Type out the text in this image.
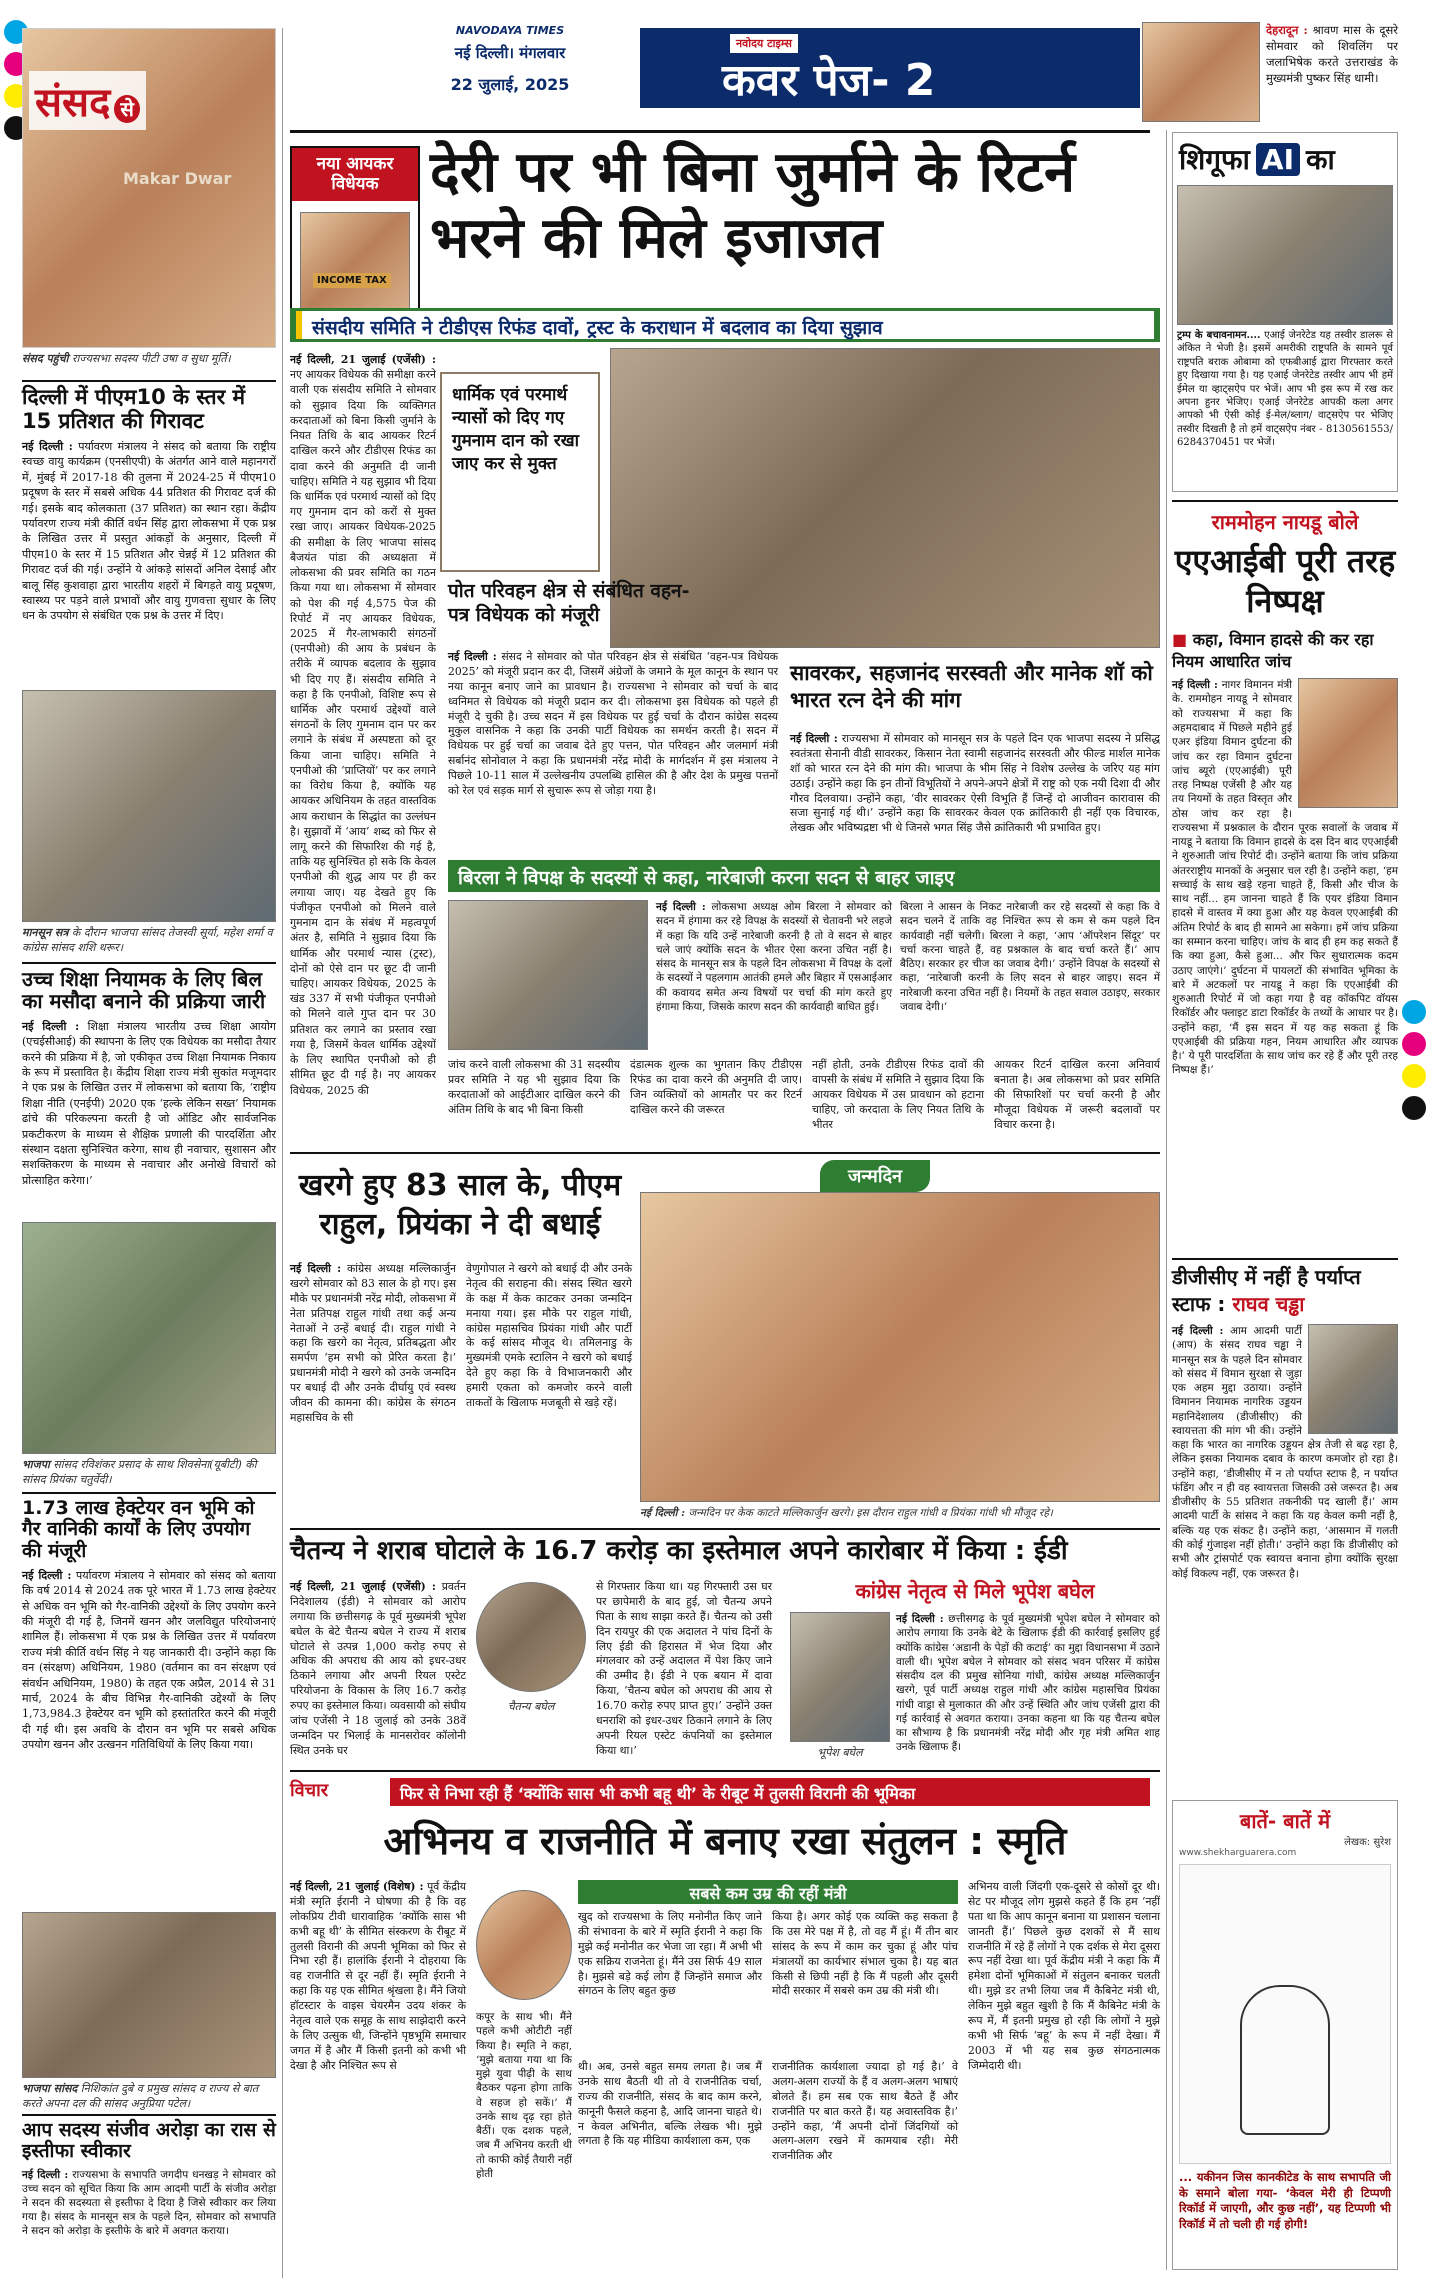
संसद से
Makar Dwar
संसद पहुंची राज्यसभा सदस्य पीटी उषा व सुधा मूर्ति।
दिल्ली में पीएम10 के स्तर में 15 प्रतिशत की गिरावट

नई दिल्ली : पर्यावरण मंत्रालय ने संसद को बताया कि राष्ट्रीय स्वच्छ वायु कार्यक्रम (एनसीएपी) के अंतर्गत आने वाले महानगरों में, मुंबई में 2017-18 की तुलना में 2024-25 में पीएम10 प्रदूषण के स्तर में सबसे अधिक 44 प्रतिशत की गिरावट दर्ज की गई। इसके बाद कोलकाता (37 प्रतिशत) का स्थान रहा। केंद्रीय पर्यावरण राज्य मंत्री कीर्ति वर्धन सिंह द्वारा लोकसभा में एक प्रश्न के लिखित उत्तर में प्रस्तुत आंकड़ों के अनुसार, दिल्ली में पीएम10 के स्तर में 15 प्रतिशत और चेन्नई में 12 प्रतिशत की गिरावट दर्ज की गई। उन्होंने ये आंकड़े सांसदों अनिल देसाई और बालू सिंह कुशवाहा द्वारा भारतीय शहरों में बिगड़ते वायु प्रदूषण, स्वास्थ्य पर पड़ने वाले प्रभावों और वायु गुणवत्ता सुधार के लिए धन के उपयोग से संबंधित एक प्रश्न के उत्तर में दिए।

मानसून सत्र के दौरान भाजपा सांसद तेजस्वी सूर्या, महेश शर्मा व कांग्रेस सांसद शशि थरूर।
उच्च शिक्षा नियामक के लिए बिल का मसौदा बनाने की प्रक्रिया जारी

नई दिल्ली : शिक्षा मंत्रालय भारतीय उच्च शिक्षा आयोग (एचईसीआई) की स्थापना के लिए एक विधेयक का मसौदा तैयार करने की प्रक्रिया में है, जो एकीकृत उच्च शिक्षा नियामक निकाय के रूप में प्रस्तावित है। केंद्रीय शिक्षा राज्य मंत्री सुकांत मजूमदार ने एक प्रश्न के लिखित उत्तर में लोकसभा को बताया कि, ‘राष्ट्रीय शिक्षा नीति (एनईपी) 2020 एक ‘हल्के लेकिन सख्त’ नियामक ढांचे की परिकल्पना करती है जो ऑडिट और सार्वजनिक प्रकटीकरण के माध्यम से शैक्षिक प्रणाली की पारदर्शिता और संस्थान दक्षता सुनिश्चित करेगा, साथ ही नवाचार, सुशासन और सशक्तिकरण के माध्यम से नवाचार और अनोखे विचारों को प्रोत्साहित करेगा।’

भाजपा सांसद रविशंकर प्रसाद के साथ शिवसेना(यूबीटी) की सांसद प्रियंका चतुर्वेदी।
1.73 लाख हेक्टेयर वन भूमि को गैर वानिकी कार्यों के लिए उपयोग की मंजूरी

नई दिल्ली : पर्यावरण मंत्रालय ने सोमवार को संसद को बताया कि वर्ष 2014 से 2024 तक पूरे भारत में 1.73 लाख हेक्टेयर से अधिक वन भूमि को गैर-वानिकी उद्देश्यों के लिए उपयोग करने की मंजूरी दी गई है, जिनमें खनन और जलविद्युत परियोजनाएं शामिल हैं। लोकसभा में एक प्रश्न के लिखित उत्तर में पर्यावरण राज्य मंत्री कीर्ति वर्धन सिंह ने यह जानकारी दी। उन्होंने कहा कि वन (संरक्षण) अधिनियम, 1980 (वर्तमान का वन संरक्षण एवं संवर्धन अधिनियम, 1980) के तहत एक अप्रैल, 2014 से 31 मार्च, 2024 के बीच विभिन्न गैर-वानिकी उद्देश्यों के लिए 1,73,984.3 हेक्टेयर वन भूमि को हस्तांतरित करने की मंजूरी दी गई थी। इस अवधि के दौरान वन भूमि पर सबसे अधिक उपयोग खनन और उत्खनन गतिविधियों के लिए किया गया।

भाजपा सांसद निशिकांत दुबे व प्रमुख सांसद व राज्य से बात करते अपना दल की सांसद अनुप्रिया पटेल।
आप सदस्य संजीव अरोड़ा का रास से इस्तीफा स्वीकार

नई दिल्ली : राज्यसभा के सभापति जगदीप धनखड़ ने सोमवार को उच्च सदन को सूचित किया कि आम आदमी पार्टी के संजीव अरोड़ा ने सदन की सदस्यता से इस्तीफा दे दिया है जिसे स्वीकार कर लिया गया है। संसद के मानसून सत्र के पहले दिन, सोमवार को सभापति ने सदन को अरोड़ा के इस्तीफे के बारे में अवगत कराया।

NAVODAYA TIMES
नई दिल्ली। मंगलवार
22 जुलाई, 2025
नवोदय टाइम्स
कवर पेज- 2

देहरादून : श्रावण मास के दूसरे सोमवार को शिवलिंग पर जलाभिषेक करते उत्तराखंड के मुख्यमंत्री पुष्कर सिंह धामी।

नया आयकर
विधेयक
INCOME TAX
देरी पर भी बिना जुर्माने के रिटर्न भरने की मिले इजाजत
संसदीय समिति ने टीडीएस रिफंड दावों, ट्रस्ट के कराधान में बदलाव का दिया सुझाव
धार्मिक एवं परमार्थ न्यासों को दिए गए गुमनाम दान को रखा जाए कर से मुक्त

नई दिल्ली, 21 जुलाई (एजेंसी) : नए आयकर विधेयक की समीक्षा करने वाली एक संसदीय समिति ने सोमवार को सुझाव दिया कि व्यक्तिगत करदाताओं को बिना किसी जुर्माने के नियत तिथि के बाद आयकर रिटर्न दाखिल करने और टीडीएस रिफंड का दावा करने की अनुमति दी जानी चाहिए। समिति ने यह सुझाव भी दिया कि धार्मिक एवं परमार्थ न्यासों को दिए गए गुमनाम दान को करों से मुक्त रखा जाए। आयकर विधेयक-2025 की समीक्षा के लिए भाजपा सांसद बैजयंत पांडा की अध्यक्षता में लोकसभा की प्रवर समिति का गठन किया गया था। लोकसभा में सोमवार को पेश की गई 4,575 पेज की रिपोर्ट में नए आयकर विधेयक, 2025 में गैर-लाभकारी संगठनों (एनपीओ) की आय के प्रबंधन के तरीके में व्यापक बदलाव के सुझाव भी दिए गए हैं। संसदीय समिति ने कहा है कि एनपीओ, विशिष्ट रूप से धार्मिक और परमार्थ उद्देश्यों वाले संगठनों के लिए गुमनाम दान पर कर लगाने के संबंध में अस्पष्टता को दूर किया जाना चाहिए। समिति ने एनपीओ की ‘प्राप्तियों’ पर कर लगाने का विरोध किया है, क्योंकि यह आयकर अधिनियम के तहत वास्तविक आय कराधान के सिद्धांत का उल्लंघन है। सुझावों में ‘आय’ शब्द को फिर से लागू करने की सिफारिश की गई है, ताकि यह सुनिश्चित हो सके कि केवल एनपीओ की शुद्ध आय पर ही कर लगाया जाए। यह देखते हुए कि पंजीकृत एनपीओ को मिलने वाले गुमनाम दान के संबंध में महत्वपूर्ण अंतर है, समिति ने सुझाव दिया कि धार्मिक और परमार्थ न्यास (ट्रस्ट), दोनों को ऐसे दान पर छूट दी जानी चाहिए। आयकर विधेयक, 2025 के खंड 337 में सभी पंजीकृत एनपीओ को मिलने वाले गुप्त दान पर 30 प्रतिशत कर लगाने का प्रस्ताव रखा गया है, जिसमें केवल धार्मिक उद्देश्यों के लिए स्थापित एनपीओ को ही सीमित छूट दी गई है। नए आयकर विधेयक, 2025 की

पोत परिवहन क्षेत्र से संबंधित वहन-पत्र विधेयक को मंजूरी

नई दिल्ली : संसद ने सोमवार को पोत परिवहन क्षेत्र से संबंधित ‘वहन-पत्र विधेयक 2025’ को मंजूरी प्रदान कर दी, जिसमें अंग्रेजों के जमाने के मूल कानून के स्थान पर नया कानून बनाए जाने का प्रावधान है। राज्यसभा ने सोमवार को चर्चा के बाद ध्वनिमत से विधेयक को मंजूरी प्रदान कर दी। लोकसभा इस विधेयक को पहले ही मंजूरी दे चुकी है। उच्च सदन में इस विधेयक पर हुई चर्चा के दौरान कांग्रेस सदस्य मुकुल वासनिक ने कहा कि उनकी पार्टी विधेयक का समर्थन करती है। सदन में विधेयक पर हुई चर्चा का जवाब देते हुए पत्तन, पोत परिवहन और जलमार्ग मंत्री सर्बानंद सोनोवाल ने कहा कि प्रधानमंत्री नरेंद्र मोदी के मार्गदर्शन में इस मंत्रालय ने पिछले 10-11 साल में उल्लेखनीय उपलब्धि हासिल की है और देश के प्रमुख पत्तनों को रेल एवं सड़क मार्ग से सुचारू रूप से जोड़ा गया है।

सावरकर, सहजानंद सरस्वती और मानेक शॉ को भारत रत्न देने की मांग

नई दिल्ली : राज्यसभा में सोमवार को मानसून सत्र के पहले दिन एक भाजपा सदस्य ने प्रसिद्ध स्वतंत्रता सेनानी वीडी सावरकर, किसान नेता स्वामी सहजानंद सरस्वती और फील्ड मार्शल मानेक शॉ को भारत रत्न देने की मांग की। भाजपा के भीम सिंह ने विशेष उल्लेख के जरिए यह मांग उठाई। उन्होंने कहा कि इन तीनों विभूतियों ने अपने-अपने क्षेत्रों में राष्ट्र को एक नयी दिशा दी और गौरव दिलवाया। उन्होंने कहा, ‘वीर सावरकर ऐसी विभूति हैं जिन्हें दो आजीवन कारावास की सजा सुनाई गई थी।’ उन्होंने कहा कि सावरकर केवल एक क्रांतिकारी ही नहीं एक विचारक, लेखक और भविष्यद्रष्टा भी थे जिनसे भगत सिंह जैसे क्रांतिकारी भी प्रभावित हुए।

बिरला ने विपक्ष के सदस्यों से कहा, नारेबाजी करना सदन से बाहर जाइए

नई दिल्ली : लोकसभा अध्यक्ष ओम बिरला ने सोमवार को सदन में हंगामा कर रहे विपक्ष के सदस्यों से चेतावनी भरे लहजे में कहा कि यदि उन्हें नारेबाजी करनी है तो वे सदन से बाहर चले जाएं क्योंकि सदन के भीतर ऐसा करना उचित नहीं है। संसद के मानसून सत्र के पहले दिन लोकसभा में विपक्ष के दलों के सदस्यों ने पहलगाम आतंकी हमले और बिहार में एसआईआर की कवायद समेत अन्य विषयों पर चर्चा की मांग करते हुए हंगामा किया, जिसके कारण सदन की कार्यवाही बाधित हुई।

बिरला ने आसन के निकट नारेबाजी कर रहे सदस्यों से कहा कि वे सदन चलने दें ताकि वह निश्चित रूप से कम से कम पहले दिन कार्यवाही नहीं चलेगी। बिरला ने कहा, ‘आप ‘ऑपरेशन सिंदूर’ पर चर्चा करना चाहते हैं, वह प्रश्नकाल के बाद चर्चा करते हैं।’ आप बैठिए। सरकार हर चीज का जवाब देगी।’ उन्होंने विपक्ष के सदस्यों से कहा, ‘नारेबाजी करनी के लिए सदन से बाहर जाइए। सदन में नारेबाजी करना उचित नहीं है। नियमों के तहत सवाल उठाइए, सरकार जवाब देगी।’

जांच करने वाली लोकसभा की 31 सदस्यीय प्रवर समिति ने यह भी सुझाव दिया कि करदाताओं को आईटीआर दाखिल करने की अंतिम तिथि के बाद भी बिना किसी

दंडात्मक शुल्क का भुगतान किए टीडीएस रिफंड का दावा करने की अनुमति दी जाए। जिन व्यक्तियों को आमतौर पर कर रिटर्न दाखिल करने की जरूरत

नहीं होती, उनके टीडीएस रिफंड दावों की वापसी के संबंध में समिति ने सुझाव दिया कि आयकर विधेयक में उस प्रावधान को हटाना चाहिए, जो करदाता के लिए नियत तिथि के भीतर

आयकर रिटर्न दाखिल करना अनिवार्य बनाता है। अब लोकसभा को प्रवर समिति की सिफारिशों पर चर्चा करनी है और मौजूदा विधेयक में जरूरी बदलावों पर विचार करना है।

खरगे हुए 83 साल के, पीएम राहुल, प्रियंका ने दी बधाई
जन्मदिन
नई दिल्ली : जन्मदिन पर केक काटते मल्लिकार्जुन खरगे। इस दौरान राहुल गांधी व प्रियंका गांधी भी मौजूद रहे।

नई दिल्ली : कांग्रेस अध्यक्ष मल्लिकार्जुन खरगे सोमवार को 83 साल के हो गए। इस मौके पर प्रधानमंत्री नरेंद्र मोदी, लोकसभा में नेता प्रतिपक्ष राहुल गांधी तथा कई अन्य नेताओं ने उन्हें बधाई दी। राहुल गांधी ने कहा कि खरगे का नेतृत्व, प्रतिबद्धता और समर्पण ‘हम सभी को प्रेरित करता है।’ प्रधानमंत्री मोदी ने खरगे को उनके जन्मदिन पर बधाई दी और उनके दीर्घायु एवं स्वस्थ जीवन की कामना की। कांग्रेस के संगठन महासचिव के सी

वेणुगोपाल ने खरगे को बधाई दी और उनके नेतृत्व की सराहना की। संसद स्थित खरगे के कक्ष में केक काटकर उनका जन्मदिन मनाया गया। इस मौके पर राहुल गांधी, कांग्रेस महासचिव प्रियंका गांधी और पार्टी के कई सांसद मौजूद थे। तमिलनाडु के मुख्यमंत्री एमके स्टालिन ने खरगे को बधाई देते हुए कहा कि वे विभाजनकारी और हमारी एकता को कमजोर करने वाली ताकतों के खिलाफ मजबूती से खड़े रहें।

चैतन्य ने शराब घोटाले के 16.7 करोड़ का इस्तेमाल अपने कारोबार में किया : ईडी

नई दिल्ली, 21 जुलाई (एजेंसी) : प्रवर्तन निदेशालय (ईडी) ने सोमवार को आरोप लगाया कि छत्तीसगढ़ के पूर्व मुख्यमंत्री भूपेश बघेल के बेटे चैतन्य बघेल ने राज्य में शराब घोटाले से उत्पन्न 1,000 करोड़ रुपए से अधिक की अपराध की आय को इधर-उधर ठिकाने लगाया और अपनी रियल एस्टेट परियोजना के विकास के लिए 16.7 करोड़ रुपए का इस्तेमाल किया। व्यवसायी को संघीय जांच एजेंसी ने 18 जुलाई को उनके 38वें जन्मदिन पर भिलाई के मानसरोवर कॉलोनी स्थित उनके घर

चैतन्य बघेल

से गिरफ्तार किया था। यह गिरफ्तारी उस घर पर छापेमारी के बाद हुई, जो चैतन्य अपने पिता के साथ साझा करते हैं। चैतन्य को उसी दिन रायपुर की एक अदालत ने पांच दिनों के लिए ईडी की हिरासत में भेज दिया और मंगलवार को उन्हें अदालत में पेश किए जाने की उम्मीद है। ईडी ने एक बयान में दावा किया, ‘चैतन्य बघेल को अपराध की आय से 16.70 करोड़ रुपए प्राप्त हुए।’ उन्होंने उक्त धनराशि को इधर-उधर ठिकाने लगाने के लिए अपनी रियल एस्टेट कंपनियों का इस्तेमाल किया था।’

कांग्रेस नेतृत्व से मिले भूपेश बघेल
भूपेश बघेल

नई दिल्ली : छत्तीसगढ़ के पूर्व मुख्यमंत्री भूपेश बघेल ने सोमवार को आरोप लगाया कि उनके बेटे के खिलाफ ईडी की कार्रवाई इसलिए हुई क्योंकि कांग्रेस ‘अडानी के पेड़ों की कटाई’ का मुद्दा विधानसभा में उठाने वाली थी। भूपेश बघेल ने सोमवार को संसद भवन परिसर में कांग्रेस संसदीय दल की प्रमुख सोनिया गांधी, कांग्रेस अध्यक्ष मल्लिकार्जुन खरगे, पूर्व पार्टी अध्यक्ष राहुल गांधी और कांग्रेस महासचिव प्रियंका गांधी वाड्रा से मुलाकात की और उन्हें स्थिति और जांच एजेंसी द्वारा की गई कार्रवाई से अवगत कराया। उनका कहना था कि यह चैतन्य बघेल का सौभाग्य है कि प्रधानमंत्री नरेंद्र मोदी और गृह मंत्री अमित शाह उनके खिलाफ हैं।

विचार	फिर से निभा रही हैं ‘क्योंकि सास भी कभी बहू थी’ के रीबूट में तुलसी विरानी की भूमिका
अभिनय व राजनीति में बनाए रखा संतुलन : स्मृति

नई दिल्ली, 21 जुलाई (विशेष) : पूर्व केंद्रीय मंत्री स्मृति ईरानी ने घोषणा की है कि वह लोकप्रिय टीवी धारावाहिक ‘क्योंकि सास भी कभी बहू थी’ के सीमित संस्करण के रीबूट में तुलसी विरानी की अपनी भूमिका को फिर से निभा रही हैं। हालांकि ईरानी ने दोहराया कि वह राजनीति से दूर नहीं हैं। स्मृति ईरानी ने कहा कि यह एक सीमित श्रृंखला है। मैंने जियो हॉटस्टार के वाइस चेयरमैन उदय शंकर के नेतृत्व वाले एक समूह के साथ साझेदारी करने के लिए उत्सुक थी, जिन्होंने पृष्ठभूमि समाचार जगत में है और मैं किसी इतनी को कभी भी देखा है और निश्चित रूप से

सबसे कम उम्र की रहीं मंत्री

खुद को राज्यसभा के लिए मनोनीत किए जाने की संभावना के बारे में स्मृति ईरानी ने कहा कि मुझे कई मनोनीत कर भेजा जा रहा। मैं अभी भी एक सक्रिय राजनेता हूं। मैंने उस सिर्फ 49 साल है। मुझसे बड़े कई लोग हैं जिन्होंने समाज और संगठन के लिए बहुत कुछ

कपूर के साथ भी। मैंने पहले कभी ओटीटी नहीं किया है। स्मृति ने कहा, ‘मुझे बताया गया था कि मुझे युवा पीढ़ी के साथ बैठकर पढ़ना होगा ताकि वे सहज हो सकें।’ मैं उनके साथ दृढ़ रहा होते बैठीं। एक दशक पहले, जब मैं अभिनय करती थी तो काफी कोई तैयारी नहीं होती

किया है। अगर कोई एक व्यक्ति कह सकता है कि उस मेरे पक्ष में है, तो वह मैं हूं। मैं तीन बार सांसद के रूप में काम कर चुका हूं और पांच मंत्रालयों का कार्यभार संभाल चुका है। यह बात किसी से छिपी नहीं है कि मैं पहली और दूसरी मोदी सरकार में सबसे कम उम्र की मंत्री थी।

थी। अब, उनसे बहुत समय लगता है। जब मैं उनके साथ बैठती थी तो वे राजनीतिक चर्चा, राज्य की राजनीति, संसद के बाद काम करने, कानूनी फैसले कहना है, आदि जानना चाहते थे। न केवल अभिनीत, बल्कि लेखक भी। मुझे लगता है कि यह मीडिया कार्यशाला कम, एक

राजनीतिक कार्यशाला ज्यादा हो गई है।’ वे अलग-अलग राज्यों के हैं व अलग-अलग भाषाएं बोलते हैं। हम सब एक साथ बैठते हैं और राजनीति पर बात करते हैं। यह अवास्तविक है।’ उन्होंने कहा, ‘मैं अपनी दोनों जिंदगियों को अलग-अलग रखने में कामयाब रही। मेरी राजनीतिक और

अभिनय वाली जिंदगी एक-दूसरे से कोसों दूर थी। सेट पर मौजूद लोग मुझसे कहते हैं कि हम ‘नहीं पता था कि आप कानून बनाना या प्रशासन चलाना जानती हैं।’ पिछले कुछ दशकों से मैं साथ राजनीति में रहे हैं लोगों ने एक दर्शक से मेरा दूसरा रूप नहीं देखा था। पूर्व केंद्रीय मंत्री ने कहा कि मैं हमेशा दोनों भूमिकाओं में संतुलन बनाकर चलती थी। मुझे डर तभी लिया जब मैं कैबिनेट मंत्री थी, लेकिन मुझे बहुत खुशी है कि मैं कैबिनेट मंत्री के रूप में, मैं इतनी प्रमुख हो रही कि लोगों ने मुझे कभी भी सिर्फ ‘बहू’ के रूप में नहीं देखा। मैं 2003 में भी यह सब कुछ संगठनात्मक जिम्मेदारी थी।

शिगूफा AI का

ट्रम्प के बचावनामन.... एआई जेनरेटेड यह तस्वीर डालरू से अंकित ने भेजी है। इसमें अमरीकी राष्ट्रपति के सामने पूर्व राष्ट्रपति बराक ओबामा को एफबीआई द्वारा गिरफ्तार करते हुए दिखाया गया है। यह एआई जेनरेटेड तस्वीर आप भी हमें ईमेल या व्हाट्सऐप पर भेजें। आप भी इस रूप में रख कर अपना हुनर भेजिए। एआई जेनरेटेड आपकी कला अगर आपको भी ऐसी कोई ई-मेल/ब्लाग/ वाट्सऐप पर भेजिए तस्वीर दिखती है तो हमें वाट्सऐप नंबर - 8130561553/ 6284370451 पर भेजें।

राममोहन नायडू बोले
एएआईबी पूरी तरह निष्पक्ष
■ कहा, विमान हादसे की कर रहा नियम आधारित जांच

नई दिल्ली : नागर विमानन मंत्री के. राममोहन नायडू ने सोमवार को राज्यसभा में कहा कि अहमदाबाद में पिछले महीने हुई एअर इंडिया विमान दुर्घटना की जांच कर रहा विमान दुर्घटना जांच ब्यूरो (एएआईबी) पूरी तरह निष्पक्ष एजेंसी है और यह तय नियमों के तहत विस्तृत और ठोस जांच कर रहा है। राज्यसभा में प्रश्नकाल के दौरान पूरक सवालों के जवाब में नायडू ने बताया कि विमान हादसे के दस दिन बाद एएआईबी ने शुरुआती जांच रिपोर्ट दी। उन्होंने बताया कि जांच प्रक्रिया अंतरराष्ट्रीय मानकों के अनुसार चल रही है। उन्होंने कहा, ‘हम सच्चाई के साथ खड़े रहना चाहते हैं, किसी और चीज के साथ नहीं... हम जानना चाहते हैं कि एयर इंडिया विमान हादसे में वास्तव में क्या हुआ और यह केवल एएआईबी की अंतिम रिपोर्ट के बाद ही सामने आ सकेगा। हमें जांच प्रक्रिया का सम्मान करना चाहिए। जांच के बाद ही हम कह सकते हैं कि क्या हुआ, कैसे हुआ... और फिर सुधारात्मक कदम उठाए जाएंगे।’ दुर्घटना में पायलटों की संभावित भूमिका के बारे में अटकलों पर नायडू ने कहा कि एएआईबी की शुरुआती रिपोर्ट में जो कहा गया है वह कॉकपिट वॉयस रिकॉर्डर और फ्लाइट डाटा रिकॉर्डर के तथ्यों के आधार पर है। उन्होंने कहा, ‘मैं इस सदन में यह कह सकता हूं कि एएआईबी की प्रक्रिया गहन, नियम आधारित और व्यापक है।’ ये पूरी पारदर्शिता के साथ जांच कर रहे हैं और पूरी तरह निष्पक्ष हैं।’

डीजीसीए में नहीं है पर्याप्त स्टाफ : राघव चड्ढा

नई दिल्ली : आम आदमी पार्टी (आप) के संसद राघव चड्ढा ने मानसून सत्र के पहले दिन सोमवार को संसद में विमान सुरक्षा से जुड़ा एक अहम मुद्दा उठाया। उन्होंने विमानन नियामक नागरिक उड्डयन महानिदेशालय (डीजीसीए) की स्वायत्तता की मांग भी की। उन्होंने कहा कि भारत का नागरिक उड्डयन क्षेत्र तेजी से बढ़ रहा है, लेकिन इसका नियामक दबाव के कारण कमजोर हो रहा है। उन्होंने कहा, ‘डीजीसीए में न तो पर्याप्त स्टाफ है, न पर्याप्त फंडिंग और न ही वह स्वायत्तता जिसकी उसे जरूरत है। अब डीजीसीए के 55 प्रतिशत तकनीकी पद खाली हैं।’ आम आदमी पार्टी के सांसद ने कहा कि यह केवल कमी नहीं है, बल्कि यह एक संकट है। उन्होंने कहा, ‘आसमान में गलती की कोई गुंजाइश नहीं होती।’ उन्होंने कहा कि डीजीसीए को सभी और ट्रांसपोर्ट एक स्वायत्त बनाना होगा क्योंकि सुरक्षा कोई विकल्प नहीं, एक जरूरत है।

बातें- बातें में
लेखक: सुरेश
www.shekharguarera.com

... यकीनन जिस कानकीटेड के साथ सभापति जी के समाने बोला गया- ‘केवल मेरी ही टिप्पणी रिकॉर्ड में जाएगी, और कुछ नहीं’, यह टिप्पणी भी रिकॉर्ड में तो चली ही गई होगी!
